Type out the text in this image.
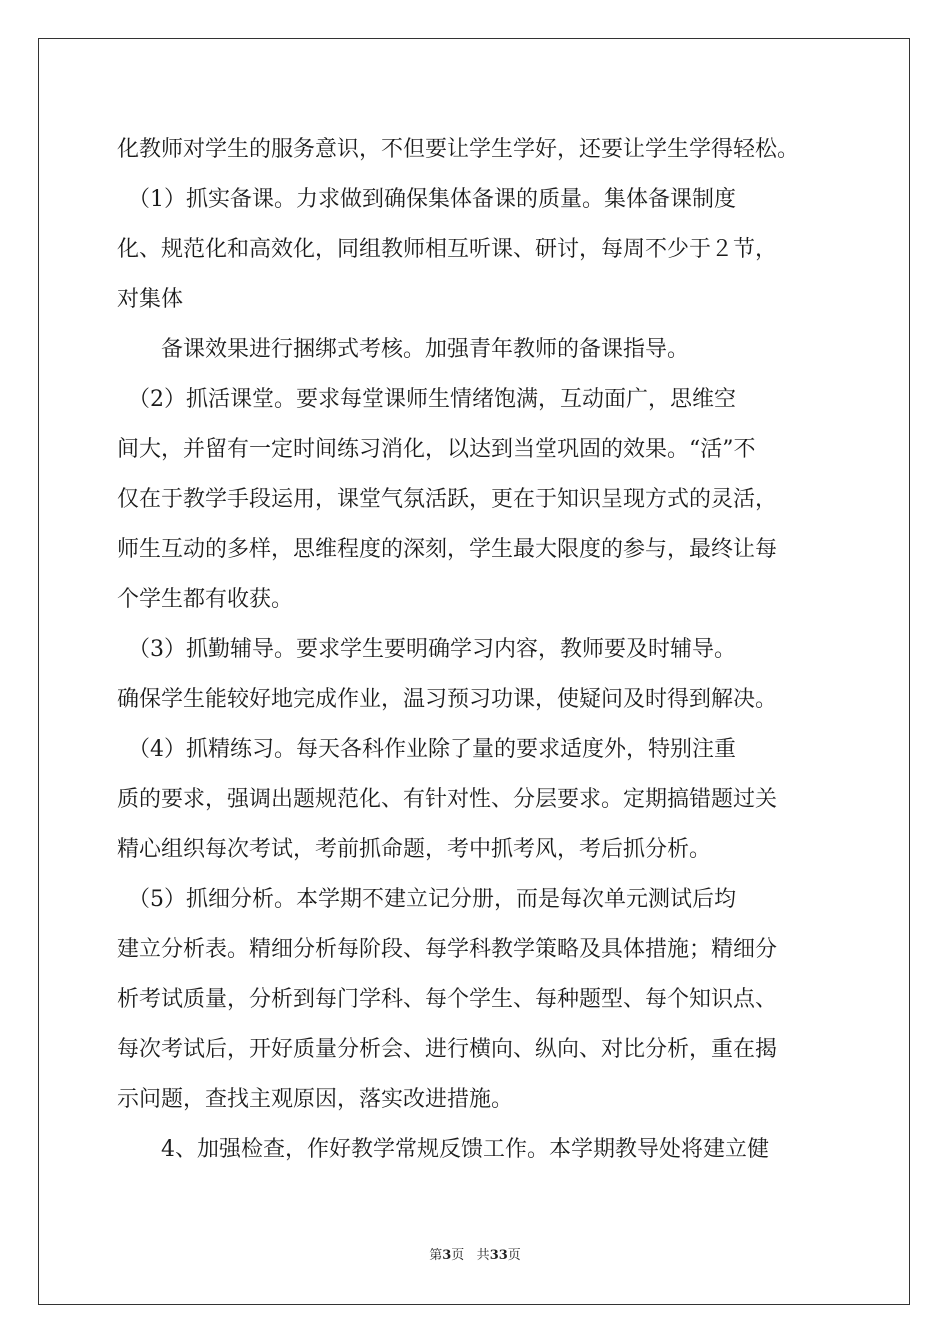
化教师对学生的服务意识，不但要让学生学好，还要让学生学得轻松。

　（1）抓实备课。力求做到确保集体备课的质量。集体备课制度

化、规范化和高效化，同组教师相互听课、研讨，每周不少于２节，

对集体

　　备课效果进行捆绑式考核。加强青年教师的备课指导。

　（2）抓活课堂。要求每堂课师生情绪饱满，互动面广，思维空

间大，并留有一定时间练习消化，以达到当堂巩固的效果。“活”不

仅在于教学手段运用，课堂气氛活跃，更在于知识呈现方式的灵活，

师生互动的多样，思维程度的深刻，学生最大限度的参与，最终让每

个学生都有收获。

　（3）抓勤辅导。要求学生要明确学习内容，教师要及时辅导。

确保学生能较好地完成作业，温习预习功课，使疑问及时得到解决。

　（4）抓精练习。每天各科作业除了量的要求适度外，特别注重

质的要求，强调出题规范化、有针对性、分层要求。定期搞错题过关

精心组织每次考试，考前抓命题，考中抓考风，考后抓分析。

　（5）抓细分析。本学期不建立记分册，而是每次单元测试后均

建立分析表。精细分析每阶段、每学科教学策略及具体措施；精细分

析考试质量，分析到每门学科、每个学生、每种题型、每个知识点、

每次考试后，开好质量分析会、进行横向、纵向、对比分析，重在揭

示问题，查找主观原因，落实改进措施。

　　4、加强检查，作好教学常规反馈工作。本学期教导处将建立健

第3页 共33页
